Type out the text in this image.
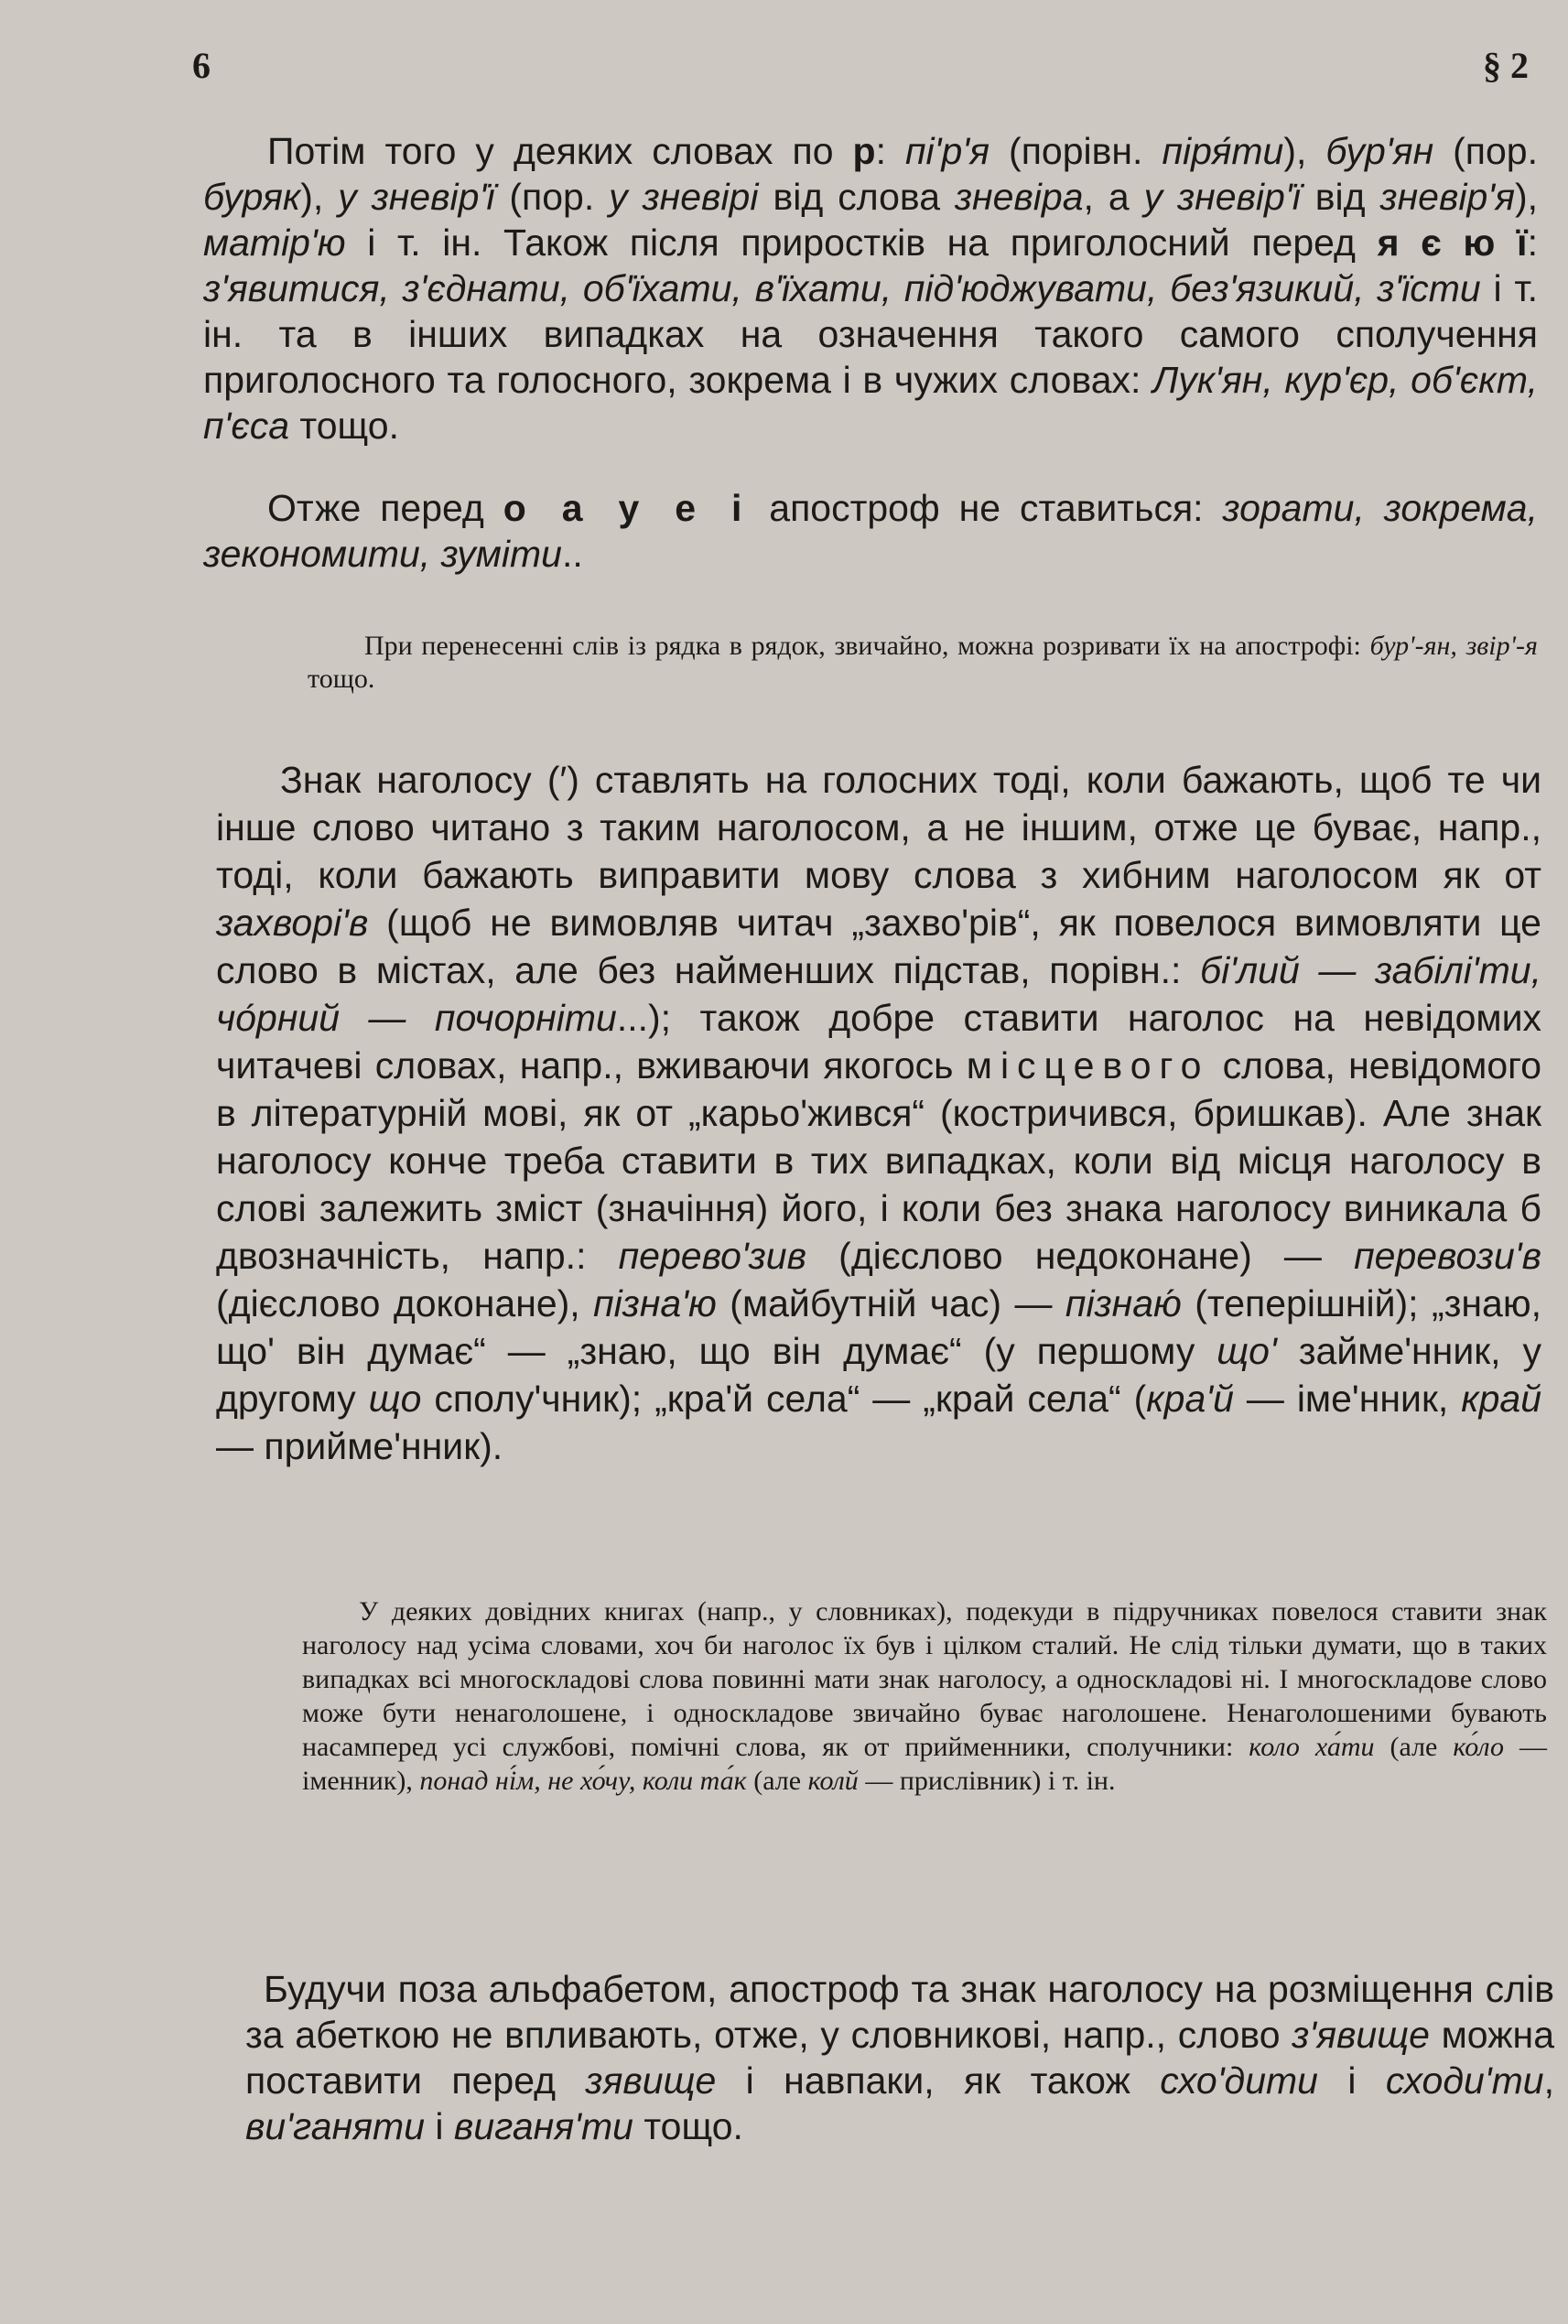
6	§ 2

Потім того у деяких словах по р: пі'р'я (порівн. піря́ти), бур'ян (пор. буряк), у зневір'ї (пор. у зневірі від слова зневіра, а у зневір'ї від зневір'я), матір'ю і т. ін. Також після приростків на приголосний перед я є ю ї: з'явитися, з'єднати, об'їхати, в'їхати, під'юджувати, без'язикий, з'їсти і т. ін. та в інших випадках на означення такого самого сполучення приголосного та голосного, зокрема і в чужих словах: Лук'ян, кур'єр, об'єкт, п'єса тощо.

Отже перед о а у е і апостроф не ставиться: зорати, зокрема, зекономити, зуміти..

При перенесенні слів із рядка в рядок, звичайно, можна розривати їх на апострофі: бур'-ян, звір'-я тощо.

Знак наголосу (′) ставлять на голосних тоді, коли бажають, щоб те чи інше слово читано з таким наголосом, а не іншим, отже це буває, напр., тоді, коли бажають виправити мову слова з хибним наголосом як от захворі'в (щоб не вимовляв читач „захво'рів“, як повелося вимовляти це слово в містах, але без найменших підстав, порівн.: бі'лий — забілі'ти, чо́рний — почорніти...); також добре ставити наголос на невідомих читачеві словах, напр., вживаючи якогось місцевого слова, невідомого в літературній мові, як от „карьо'жився“ (костричився, бришкав). Але знак наголосу конче треба ставити в тих випадках, коли від місця наголосу в слові залежить зміст (значіння) його, і коли без знака наголосу виникала б двозначність, напр.: перево'зив (дієслово недоконане) — перевози'в (дієслово доконане), пізна'ю (майбутній час) — пізнаю́ (теперішній); „знаю, що' він думає“ — „знаю, що він думає“ (у першому що' займе'нник, у другому що сполу'чник); „кра'й села“ — „край села“ (кра'й — іме'нник, край — прийме'нник).

У деяких довідних книгах (напр., у словниках), подекуди в підручниках повелося ставити знак наголосу над усіма словами, хоч би наголос їх був і цілком сталий. Не слід тільки думати, що в таких випадках всі многоскладові слова повинні мати знак наголосу, а односкладові ні. І многоскладове слово може бути ненаголошене, і односкладове звичайно буває наголошене. Ненаголошеними бувають насамперед усі службові, помічні слова, як от прийменники, сполучники: коло ха́ти (але ко́ло — іменник), понад ні́м, не хо́чу, коли та́к (але колй — прислівник) і т. ін.

Будучи поза альфабетом, апостроф та знак наголосу на розміщення слів за абеткою не впливають, отже, у словникові, напр., слово з'явище можна поставити перед зявище і навпаки, як також схо'дити і сходи'ти, ви'ганяти і виганя'ти тощо.
